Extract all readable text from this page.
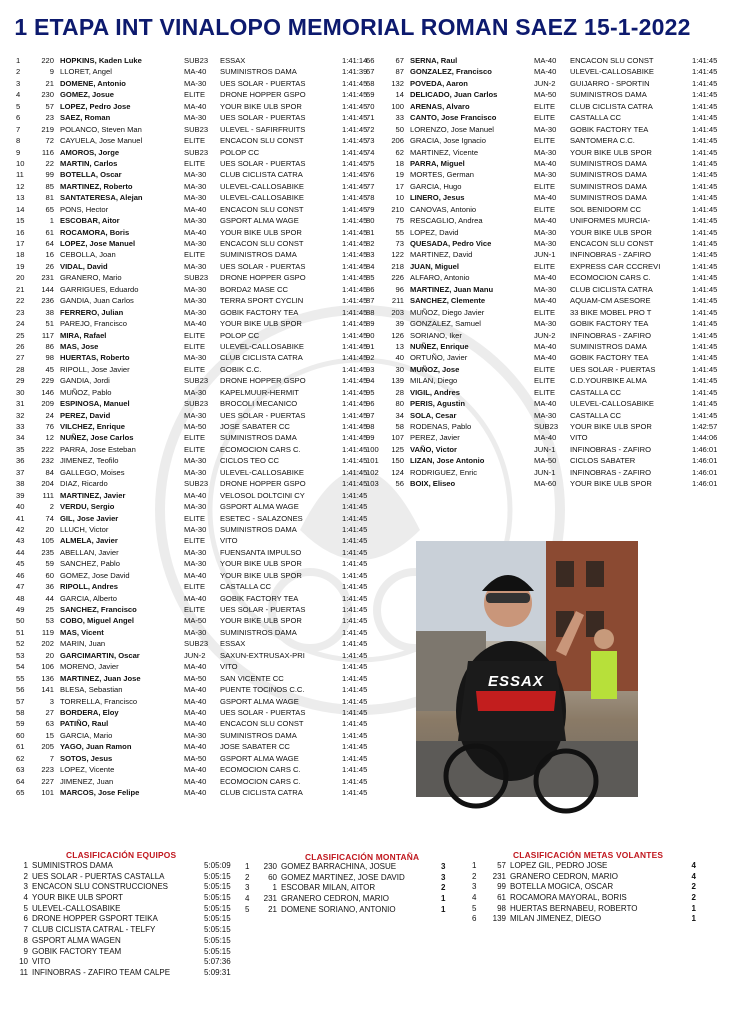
1 ETAPA INT VINALOPO MEMORIAL ROMAN SAEZ 15-1-2022
1	220 HOPKINS, Kaden Luke	SUB23	ESSAX	1:41:14
2	9 LLORET, Angel	MA-40	SUMINISTROS DAMA	1:41:39
3	21 DOMENE, Antonio	MA-30	UES SOLAR - PUERTAS	1:41:45
4	230 GOMEZ, Josue	ELITE	DRONE HOPPER GSPO	1:41:45
5	57 LOPEZ, Pedro Jose	MA-40	YOUR BIKE ULB SPOR	1:41:45
6	23 SAEZ, Roman	MA-30	UES SOLAR - PUERTAS	1:41:45
7	219 POLANCO, Steven Man	SUB23	ULEVEL - SAFIRFRUITS	1:41:45
8	72 CAYUELA, Jose Manuel	ELITE	ENCACON SLU CONST	1:41:45
9	116 AMOROS, Jorge	SUB23	POLOP CC	1:41:45
10	22 MARTIN, Carlos	ELITE	UES SOLAR - PUERTAS	1:41:45
11	99 BOTELLA, Oscar	MA-30	CLUB CICLISTA CATRA	1:41:45
12	85 MARTINEZ, Roberto	MA-30	ULEVEL-CALLOSABIKE	1:41:45
13	81 SANTATERESA, Alejan	MA-30	ULEVEL-CALLOSABIKE	1:41:45
14	65 PONS, Hector	MA-40	ENCACON SLU CONST	1:41:45
15	1 ESCOBAR, Aitor	MA-30	GSPORT ALMA WAGE	1:41:45
16	61 ROCAMORA, Boris	MA-40	YOUR BIKE ULB SPOR	1:41:45
17	64 LOPEZ, Jose Manuel	MA-30	ENCACON SLU CONST	1:41:45
18	16 CEBOLLA, Joan	ELITE	SUMINISTROS DAMA	1:41:45
19	26 VIDAL, David	MA-30	UES SOLAR - PUERTAS	1:41:45
20	231 GRANERO, Mario	SUB23	DRONE HOPPER GSPO	1:41:45
21	144 GARRIGUES, Eduardo	MA-30	BORDA2 MASE CC	1:41:45
22	236 GANDIA, Juan Carlos	MA-30	TERRA SPORT CYCLIN	1:41:45
23	38 FERRERO, Julian	MA-30	GOBIK FACTORY TEA	1:41:45
24	51 PAREJO, Francisco	MA-40	YOUR BIKE ULB SPOR	1:41:45
25	117 MIRA, Rafael	ELITE	POLOP CC	1:41:45
26	86 MAS, Jose	ELITE	ULEVEL-CALLOSABIKE	1:41:45
27	98 HUERTAS, Roberto	MA-30	CLUB CICLISTA CATRA	1:41:45
28	45 RIPOLL, Jose Javier	ELITE	GOBIK C.C.	1:41:45
29	229 GANDIA, Jordi	SUB23	DRONE HOPPER GSPO	1:41:45
30	146 MUÑOZ, Pablo	MA-30	KAPELMUUR-HERMIT	1:41:45
31	209 ESPINOSA, Manuel	SUB23	BROCOLI MECANICO	1:41:45
32	24 PEREZ, David	MA-30	UES SOLAR - PUERTAS	1:41:45
33	76 VILCHEZ, Enrique	MA-50	JOSE SABATER CC	1:41:45
34	12 NUÑEZ, Jose Carlos	ELITE	SUMINISTROS DAMA	1:41:45
35	222 PARRA, Jose Esteban	ELITE	ECOMOCION CARS C.	1:41:45
36	232 JIMENEZ, Teofilo	MA-30	CICLOS TEO CC	1:41:45
37	84 GALLEGO, Moises	MA-30	ULEVEL-CALLOSABIKE	1:41:45
38	204 DIAZ, Ricardo	SUB23	DRONE HOPPER GSPO	1:41:45
39	111 MARTINEZ, Javier	MA-40	VELOSOL DOLTCINI CY	1:41:45
40	2 VERDU, Sergio	MA-30	GSPORT ALMA WAGE	1:41:45
41	74 GIL, Jose Javier	ELITE	ESETEC - SALAZONES	1:41:45
42	20 LLUCH, Victor	MA-30	SUMINISTROS DAMA	1:41:45
43	105 ALMELA, Javier	ELITE	VITO	1:41:45
44	235 ABELLAN, Javier	MA-30	FUENSANTA IMPULSO	1:41:45
45	59 SANCHEZ, Pablo	MA-30	YOUR BIKE ULB SPOR	1:41:45
46	60 GOMEZ, Jose David	MA-40	YOUR BIKE ULB SPOR	1:41:45
47	36 RIPOLL, Andres	ELITE	CASTALLA CC	1:41:45
48	44 GARCIA, Alberto	MA-40	GOBIK FACTORY TEA	1:41:45
49	25 SANCHEZ, Francisco	ELITE	UES SOLAR - PUERTAS	1:41:45
50	53 COBO, Miguel Angel	MA-50	YOUR BIKE ULB SPOR	1:41:45
51	119 MAS, Vicent	MA-30	SUMINISTROS DAMA	1:41:45
52	202 MARIN, Juan	SUB23	ESSAX	1:41:45
53	20 GARCIMARTIN, Oscar	JUN-2	SAXUN-EXTRUSAX-PRI	1:41:45
54	106 MORENO, Javier	MA-40	VITO	1:41:45
55	136 MARTINEZ, Juan Jose	MA-50	SAN VICENTE CC	1:41:45
56	141 BLESA, Sebastian	MA-40	PUENTE TOCINOS C.C.	1:41:45
57	3 TORRELLA, Francisco	MA-40	GSPORT ALMA WAGE	1:41:45
58	27 BORDERA, Eloy	MA-40	UES SOLAR - PUERTAS	1:41:45
59	63 PATIÑO, Raul	MA-40	ENCACON SLU CONST	1:41:45
60	15 GARCIA, Mario	MA-30	SUMINISTROS DAMA	1:41:45
61	205 YAGO, Juan Ramon	MA-40	JOSE SABATER CC	1:41:45
62	7 SOTOS, Jesus	MA-50	GSPORT ALMA WAGE	1:41:45
63	223 LOPEZ, Vicente	MA-40	ECOMOCION CARS C.	1:41:45
64	227 JIMENEZ, Juan	MA-40	ECOMOCION CARS C.	1:41:45
65	101 MARCOS, Jose Felipe	MA-40	CLUB CICLISTA CATRA	1:41:45
66	67 SERNA, Raul	MA-40	ENCACON SLU CONST	1:41:45
67	87 GONZALEZ, Francisco	MA-40	ULEVEL-CALLOSABIKE	1:41:45
68	132 POVEDA, Aaron	JUN-2	GUIJARRO - SPORTIN	1:41:45
69	14 DELICADO, Juan Carlos	MA-50	SUMINISTROS DAMA	1:41:45
70	100 ARENAS, Alvaro	ELITE	CLUB CICLISTA CATRA	1:41:45
71	33 CANTO, Jose Francisco	ELITE	CASTALLA CC	1:41:45
72	50 LORENZO, Jose Manuel	MA-30	GOBIK FACTORY TEA	1:41:45
73	206 GRACIA, Jose Ignacio	ELITE	SANTOMERA C.C.	1:41:45
74	62 MARTINEZ, Vicente	MA-30	YOUR BIKE ULB SPOR	1:41:45
75	18 PARRA, Miguel	MA-40	SUMINISTROS DAMA	1:41:45
76	19 MORTES, German	MA-30	SUMINISTROS DAMA	1:41:45
77	17 GARCIA, Hugo	ELITE	SUMINISTROS DAMA	1:41:45
78	10 LINERO, Jesus	MA-40	SUMINISTROS DAMA	1:41:45
79	210 CANOVAS, Antonio	ELITE	SOL BENIDORM CC	1:41:45
80	75 RESCAGLIO, Andrea	MA-40	UNIFORMES MURCIA-	1:41:45
81	55 LOPEZ, David	MA-30	YOUR BIKE ULB SPOR	1:41:45
82	73 QUESADA, Pedro Vice	MA-30	ENCACON SLU CONST	1:41:45
83	122 MARTINEZ, David	JUN-1	INFINOBRAS - ZAFIRO	1:41:45
84	218 JUAN, Miguel	ELITE	EXPRESS CAR CCCREVI	1:41:45
85	226 ALFARO, Antonio	MA-40	ECOMOCION CARS C.	1:41:45
86	96 MARTINEZ, Juan Manu	MA-30	CLUB CICLISTA CATRA	1:41:45
87	211 SANCHEZ, Clemente	MA-40	AQUAM-CM ASESORE	1:41:45
88	203 MUÑOZ, Diego Javier	ELITE	33 BIKE MOBEL PRO T	1:41:45
89	39 GONZALEZ, Samuel	MA-30	GOBIK FACTORY TEA	1:41:45
90	126 SORIANO, Iker	JUN-2	INFINOBRAS - ZAFIRO	1:41:45
91	13 NUÑEZ, Enrique	MA-40	SUMINISTROS DAMA	1:41:45
92	40 ORTUÑO, Javier	MA-40	GOBIK FACTORY TEA	1:41:45
93	30 MUÑOZ, Jose	ELITE	UES SOLAR - PUERTAS	1:41:45
94	139 MILAN, Diego	ELITE	C.D.YOURBIKE ALMA	1:41:45
95	28 VIGIL, Andres	ELITE	CASTALLA CC	1:41:45
96	80 PERIS, Agustin	MA-40	ULEVEL-CALLOSABIKE	1:41:45
97	34 SOLA, Cesar	MA-30	CASTALLA CC	1:41:45
98	58 RODENAS, Pablo	SUB23	YOUR BIKE ULB SPOR	1:42:57
99	107 PEREZ, Javier	MA-40	VITO	1:44:06
100	125 VAÑO, Victor	JUN-1	INFINOBRAS - ZAFIRO	1:46:01
101	150 LIZAN, Jose Antonio	MA-50	CICLOS SABATER	1:46:01
102	124 RODRIGUEZ, Enric	JUN-1	INFINOBRAS - ZAFIRO	1:46:01
103	56 BOIX, Eliseo	MA-60	YOUR BIKE ULB SPOR	1:46:01
ESSAX
CLASIFICACIÓN EQUIPOS
1 SUMINISTROS DAMA	5:05:09
2 UES SOLAR - PUERTAS CASTALLA	5:05:15
3 ENCACON SLU CONSTRUCCIONES	5:05:15
4 YOUR BIKE ULB SPORT	5:05:15
5 ULEVEL-CALLOSABIKE	5:05:15
6 DRONE HOPPER GSPORT TEIKA	5:05:15
7 CLUB CICLISTA CATRAL - TELFY	5:05:15
8 GSPORT ALMA WAGEN	5:05:15
9 GOBIK FACTORY TEAM	5:05:15
10 VITO	5:07:36
11 INFINOBRAS - ZAFIRO TEAM CALPE	5:09:31
CLASIFICACIÓN MONTAÑA
1	230 GOMEZ BARRACHINA, JOSUE	3
2	60 GOMEZ MARTINEZ, JOSE DAVID	3
3	1 ESCOBAR MILAN, AITOR	2
4	231 GRANERO CEDRON, MARIO	1
5	21 DOMENE SORIANO, ANTONIO	1
CLASIFICACIÓN METAS VOLANTES
1	57 LOPEZ GIL, PEDRO JOSE	4
2	231 GRANERO CEDRON, MARIO	4
3	99 BOTELLA MOGICA, OSCAR	2
4	61 ROCAMORA MAYORAL, BORIS	2
5	98 HUERTAS BERNABEU, ROBERTO	1
6	139 MILAN JIMENEZ, DIEGO	1
